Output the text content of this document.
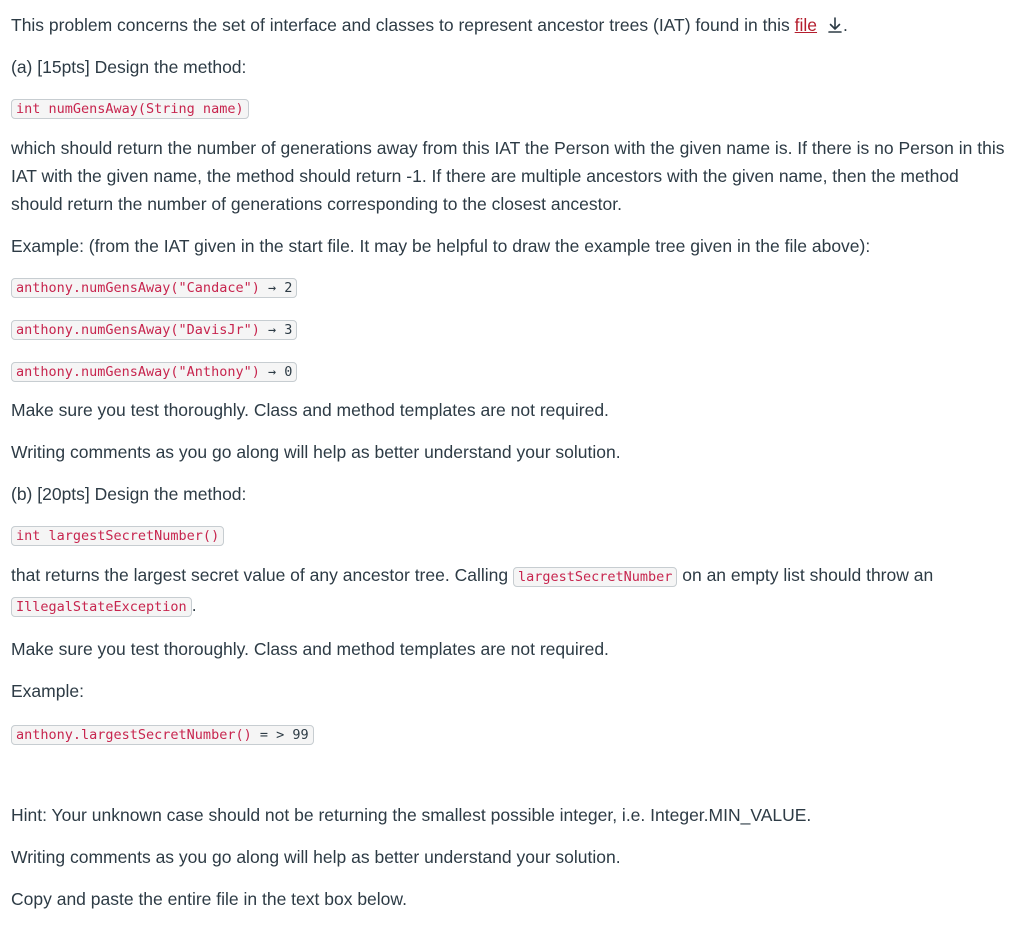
This problem concerns the set of interface and classes to represent ancestor trees (IAT) found in this file .

(a) [15pts] Design the method:

int numGensAway(String name)

which should return the number of generations away from this IAT the Person with the given name is. If there is no Person in this IAT with the given name, the method should return -1. If there are multiple ancestors with the given name, then the method should return the number of generations corresponding to the closest ancestor.

Example: (from the IAT given in the start file. It may be helpful to draw the example tree given in the file above):

anthony.numGensAway("Candace") → 2
anthony.numGensAway("DavisJr") → 3
anthony.numGensAway("Anthony") → 0

Make sure you test thoroughly. Class and method templates are not required.

Writing comments as you go along will help as better understand your solution.

(b) [20pts] Design the method:

int largestSecretNumber()

that returns the largest secret value of any ancestor tree. Calling largestSecretNumber on an empty list should throw an IllegalStateException .

Make sure you test thoroughly. Class and method templates are not required.

Example:

anthony.largestSecretNumber() = > 99

Hint: Your unknown case should not be returning the smallest possible integer, i.e. Integer.MIN_VALUE.

Writing comments as you go along will help as better understand your solution.

Copy and paste the entire file in the text box below.
